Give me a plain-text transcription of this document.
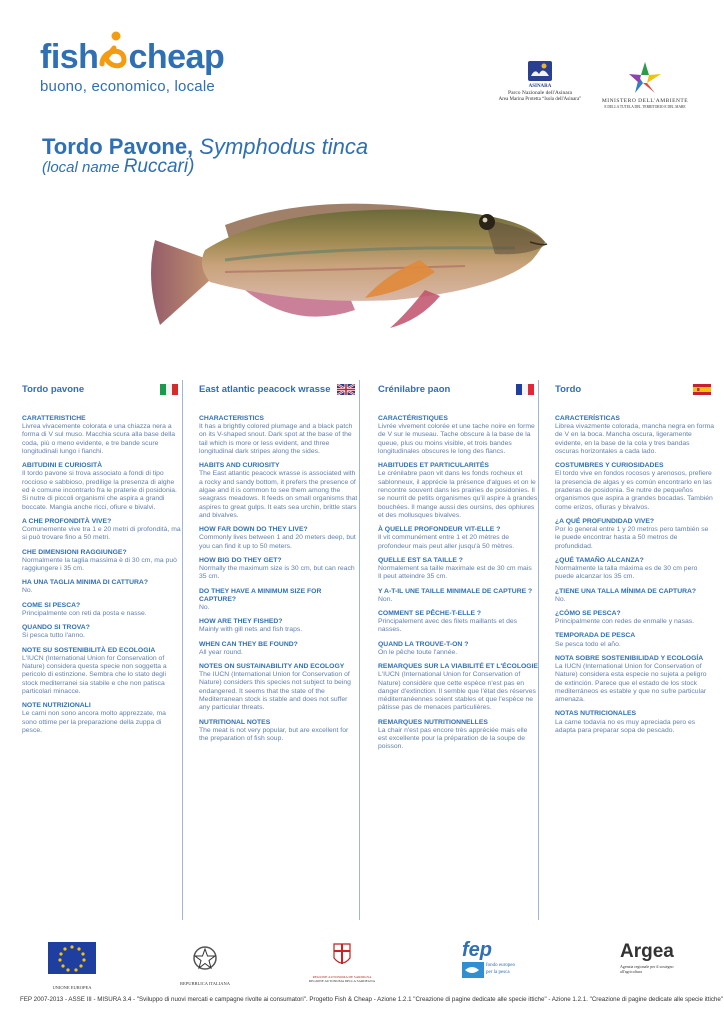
fish cheap
buono, economico, locale	ASINARA
Parco Nazionale dell'Asinara
Area Marina Protetta “Isola dell'Asinara”	MINISTERO DELL'AMBIENTE
E DELLA TUTELA DEL TERRITORIO E DEL MARE
Tordo Pavone, Symphodus tinca
(local name Ruccari)
Tordo pavone
CARATTERISTICHE
Livrea vivacemente colorata e una chiazza nera a forma di V sul muso. Macchia scura alla base della coda, più o meno evidente, e tre bande scure longitudinali lungo i fianchi.
ABITUDINI E CURIOSITÀ
Il tordo pavone si trova associato a fondi di tipo roccioso e sabbioso, predilige la presenza di alghe ed è comune incontrarlo fra le praterie di posidonia. Si nutre di piccoli organismi che aspira a grandi boccate. Mangia anche ricci, ofiure e bivalvi.
A CHE PROFONDITÀ VIVE?
Comunemente vive tra 1 e 20 metri di profondità, ma si può trovare fino a 50 metri.
CHE DIMENSIONI RAGGIUNGE?
Normalmente la taglia massima è di 30 cm, ma può raggiungere i 35 cm.
HA UNA TAGLIA MINIMA DI CATTURA?
No.
COME SI PESCA?
Principalmente con reti da posta e nasse.
QUANDO SI TROVA?
Si pesca tutto l'anno.
NOTE SU SOSTENIBILITÀ ED ECOLOGIA
L'IUCN (International Union for Conservation of Nature) considera questa specie non soggetta a pericolo di estinzione. Sembra che lo stato degli stock mediterranei sia stabile e che non patisca particolari minacce.
NOTE NUTRIZIONALI
Le carni non sono ancora molto apprezzate, ma sono ottime per la preparazione della zuppa di pesce.
East atlantic peacock wrasse
CHARACTERISTICS
It has a brightly colored plumage and a black patch on its V-shaped snout. Dark spot at the base of the tail which is more or less evident, and three longitudinal dark stripes along the sides.
HABITS AND CURIOSITY
The East atlantic peacock wrasse is associated with a rocky and sandy bottom, it prefers the presence of algae and it is common to see them among the seagrass meadows. It feeds on small organisms that aspires to great gulps. It eats sea urchin, brittle stars and bivalves.
HOW FAR DOWN DO THEY LIVE?
Commonly lives between 1 and 20 meters deep, but you can find it up to 50 meters.
HOW BIG DO THEY GET?
Normally the maximum size is 30 cm, but can reach 35 cm.
DO THEY HAVE A MINIMUM SIZE FOR CAPTURE?
No.
HOW ARE THEY FISHED?
Mainly with gill nets and fish traps.
WHEN CAN THEY BE FOUND?
All year round.
NOTES ON SUSTAINABILITY AND ECOLOGY
The IUCN (International Union for Conservation of Nature) considers this species not subject to being endangered. It seems that the state of the Mediterranean stock is stable and does not suffer any particular threats.
NUTRITIONAL NOTES
The meat is not very popular, but are excellent for the preparation of fish soup.
Crénilabre paon
CARACTÉRISTIQUES
Livrée vivement colorée et une tache noire en forme de V sur le museau. Tache obscure à la base de la queue, plus ou moins visible, et trois bandes longitudinales obscures le long des flancs.
HABITUDES ET PARTICULARITÉS
Le crénilabre paon vit dans les fonds rocheux et sablonneux, il apprécie la présence d'algues et on le rencontre souvent dans les prairies de posidonies. Il se nourrit de petits organismes qu'il aspire à grandes bouchées. Il mange aussi des oursins, des ophiures et des mollusques bivalves.
À QUELLE PROFONDEUR VIT-ELLE ?
Il vit communément entre 1 et 20 mètres de profondeur mais peut aller jusqu'à 50 mètres.
QUELLE EST SA TAILLE ?
Normalement sa taille maximale est de 30 cm mais
Il peut atteindre 35 cm.
Y A-T-IL UNE TAILLE MINIMALE DE CAPTURE ?
Non.
COMMENT SE PÊCHE-T-ELLE ?
Principalement avec des filets maillants et des nasses.
QUAND LA TROUVE-T-ON ?
On le pêche toute l'année.
REMARQUES SUR LA VIABILITÉ ET L'ÉCOLOGIE
L'IUCN (International Union for Conservation of Nature) considère que cette espèce n'est pas en danger d'extinction. Il semble que l'état des réserves méditerranéennes soient stables et que l'espèce ne pâtisse pas de menaces particulières.
REMARQUES NUTRITIONNELLES
La chair n'est pas encore très appréciée mais elle est excellente pour la préparation de la soupe de poisson.
Tordo
CARACTERÍSTICAS
Librea vivazmente colorada, mancha negra en forma de V en la boca. Mancha oscura, ligeramente evidente, en la base de la cola y tres bandas oscuras horizontales a cada lado.
COSTUMBRES Y CURIOSIDADES
El tordo vive en fondos rocosos y arenosos, prefiere la presencia de algas y es común encontrarlo en las praderas de posidonia. Se nutre de pequeños organismos que aspira a grandes bocadas. También come erizos, ofiuras y bivalvos.
¿A QUÉ PROFUNDIDAD VIVE?
Por lo general entre 1 y 20 metros pero también se le puede encontrar hasta a 50 metros de profundidad.
¿QUÉ TAMAÑO ALCANZA?
Normalmente la talla máxima es de 30 cm pero puede alcanzar los 35 cm.
¿TIENE UNA TALLA MÍNIMA DE CAPTURA?
No.
¿CÓMO SE PESCA?
Principalmente con redes de enmalle y nasas.
TEMPORADA DE PESCA
Se pesca todo el año.
NOTA SOBRE SOSTENIBILIDAD Y ECOLOGÍA
La IUCN (International Union for Conservation of Nature) considera esta especie no sujeta a peligro de extinción. Parece que el estado de los stock mediterráneos es estable y que no sufre particular amenaza.
NOTAS NUTRICIONALES
La carne todavía no es muy apreciada pero es adapta para preparar sopa de pescado.
UNIONE EUROPEA
REPUBBLICA ITALIANA
REGIONE AUTONOMA DE SARDIGNA
REGIONE AUTONOMA DELLA SARDEGNA
fep
fondo europeo
per la pesca
Argea
Agenzia regionale per il sostegno all'agricoltura
FEP 2007-2013 - ASSE III - MISURA 3.4 - "Sviluppo di nuovi mercati e campagne rivolte ai consumatori". Progetto Fish & Cheap - Azione 1.2.1 "Creazione di pagine dedicate alle specie ittiche" - Azione 1.2.1. "Creazione di pagine dedicate alle specie ittiche"
